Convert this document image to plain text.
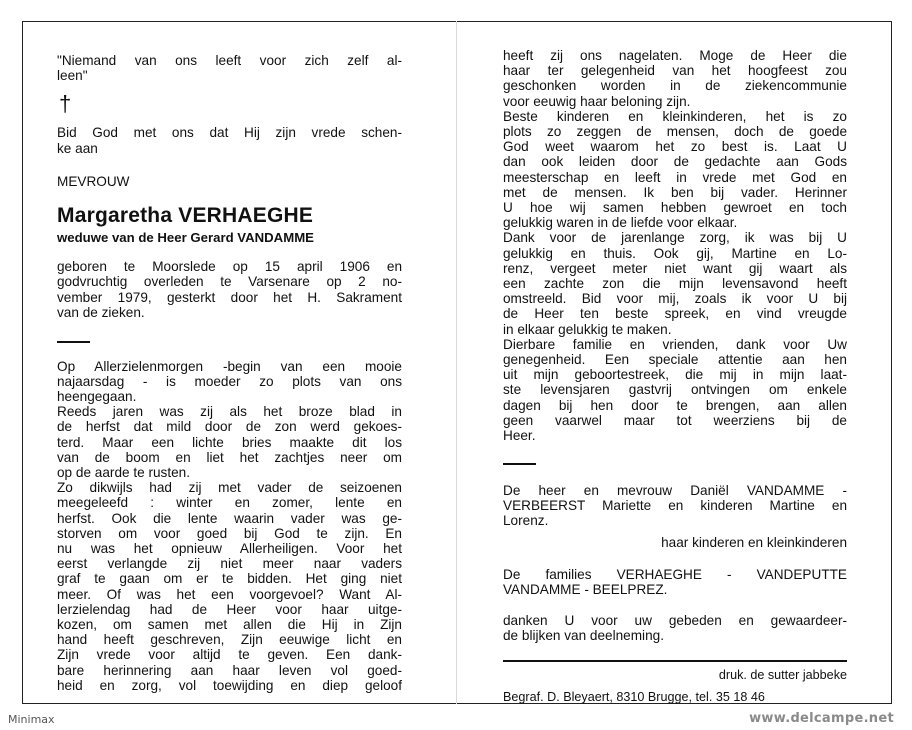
"Niemand van ons leeft voor zich zelf al-
leen"

†

Bid God met ons dat Hij zijn vrede schen-
ke aan

MEVROUW
Margaretha VERHAEGHE
weduwe van de Heer Gerard VANDAMME

geboren te Moorslede op 15 april 1906 en
godvruchtig overleden te Varsenare op 2 no-
vember 1979, gesterkt door het H. Sakrament
van de zieken.

Op Allerzielenmorgen -begin van een mooie
najaarsdag - is moeder zo plots van ons
heengegaan.
Reeds jaren was zij als het broze blad in
de herfst dat mild door de zon werd gekoes-
terd. Maar een lichte bries maakte dit los
van de boom en liet het zachtjes neer om
op de aarde te rusten.
Zo dikwijls had zij met vader de seizoenen
meegeleefd : winter en zomer, lente en
herfst. Ook die lente waarin vader was ge-
storven om voor goed bij God te zijn. En
nu was het opnieuw Allerheiligen. Voor het
eerst verlangde zij niet meer naar vaders
graf te gaan om er te bidden. Het ging niet
meer. Of was het een voorgevoel? Want Al-
lerzielendag had de Heer voor haar uitge-
kozen, om samen met allen die Hij in Zijn
hand heeft geschreven, Zijn eeuwige licht en
Zijn vrede voor altijd te geven. Een dank-
bare herinnering aan haar leven vol goed-
heid en zorg, vol toewijding en diep geloof

heeft zij ons nagelaten. Moge de Heer die
haar ter gelegenheid van het hoogfeest zou
geschonken worden in de ziekencommunie
voor eeuwig haar beloning zijn.
Beste kinderen en kleinkinderen, het is zo
plots zo zeggen de mensen, doch de goede
God weet waarom het zo best is. Laat U
dan ook leiden door de gedachte aan Gods
meesterschap en leeft in vrede met God en
met de mensen. Ik ben bij vader. Herinner
U hoe wij samen hebben gewroet en toch
gelukkig waren in de liefde voor elkaar.
Dank voor de jarenlange zorg, ik was bij U
gelukkig en thuis. Ook gij, Martine en Lo-
renz, vergeet meter niet want gij waart als
een zachte zon die mijn levensavond heeft
omstreeld. Bid voor mij, zoals ik voor U bij
de Heer ten beste spreek, en vind vreugde
in elkaar gelukkig te maken.
Dierbare familie en vrienden, dank voor Uw
genegenheid. Een speciale attentie aan hen
uit mijn geboortestreek, die mij in mijn laat-
ste levensjaren gastvrij ontvingen om enkele
dagen bij hen door te brengen, aan allen
geen vaarwel maar tot weerziens bij de
Heer.

De heer en mevrouw Daniël VANDAMME -
VERBEERST Mariette en kinderen Martine en
Lorenz.

haar kinderen en kleinkinderen

De families VERHAEGHE - VANDEPUTTE
VANDAMME - BEELPREZ.

danken U voor uw gebeden en gewaardeer-
de blijken van deelneming.

druk. de sutter jabbeke
Begraf. D. Bleyaert, 8310 Brugge, tel. 35 18 46
Minimax	www.delcampe.net
